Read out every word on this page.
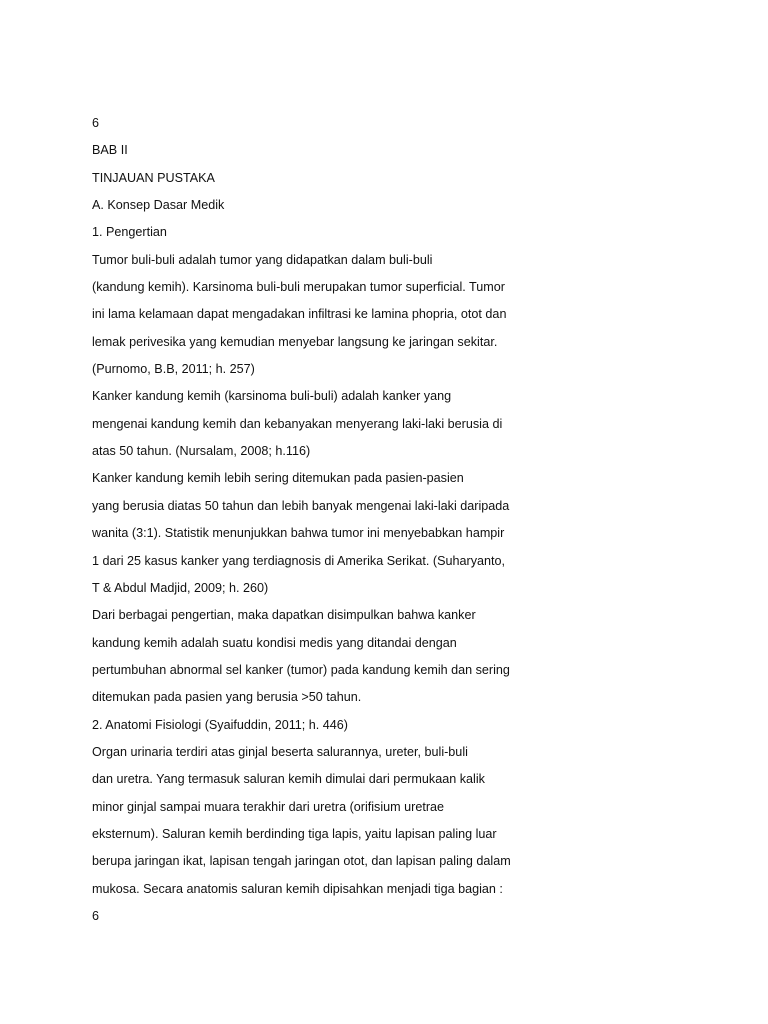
6
BAB II
TINJAUAN PUSTAKA
A. Konsep Dasar Medik
1. Pengertian
Tumor buli-buli adalah tumor yang didapatkan dalam buli-buli
(kandung kemih). Karsinoma buli-buli merupakan tumor superficial. Tumor
ini lama kelamaan dapat mengadakan infiltrasi ke lamina phopria, otot dan
lemak perivesika yang kemudian menyebar langsung ke jaringan sekitar.
(Purnomo, B.B, 2011; h. 257)
Kanker kandung kemih (karsinoma buli-buli) adalah kanker yang
mengenai kandung kemih dan kebanyakan menyerang laki-laki berusia di
atas 50 tahun. (Nursalam, 2008; h.116)
Kanker kandung kemih lebih sering ditemukan pada pasien-pasien
yang berusia diatas 50 tahun dan lebih banyak mengenai laki-laki daripada
wanita (3:1). Statistik menunjukkan bahwa tumor ini menyebabkan hampir
1 dari 25 kasus kanker yang terdiagnosis di Amerika Serikat. (Suharyanto,
T & Abdul Madjid, 2009; h. 260)
Dari berbagai pengertian, maka dapatkan disimpulkan bahwa kanker
kandung kemih adalah suatu kondisi medis yang ditandai dengan
pertumbuhan abnormal sel kanker (tumor) pada kandung kemih dan sering
ditemukan pada pasien yang berusia >50 tahun.
2. Anatomi Fisiologi (Syaifuddin, 2011; h. 446)
Organ urinaria terdiri atas ginjal beserta salurannya, ureter, buli-buli
dan uretra. Yang termasuk saluran kemih dimulai dari permukaan kalik
minor ginjal sampai muara terakhir dari uretra (orifisium uretrae
eksternum). Saluran kemih berdinding tiga lapis, yaitu lapisan paling luar
berupa jaringan ikat, lapisan tengah jaringan otot, dan lapisan paling dalam
mukosa. Secara anatomis saluran kemih dipisahkan menjadi tiga bagian :
6
